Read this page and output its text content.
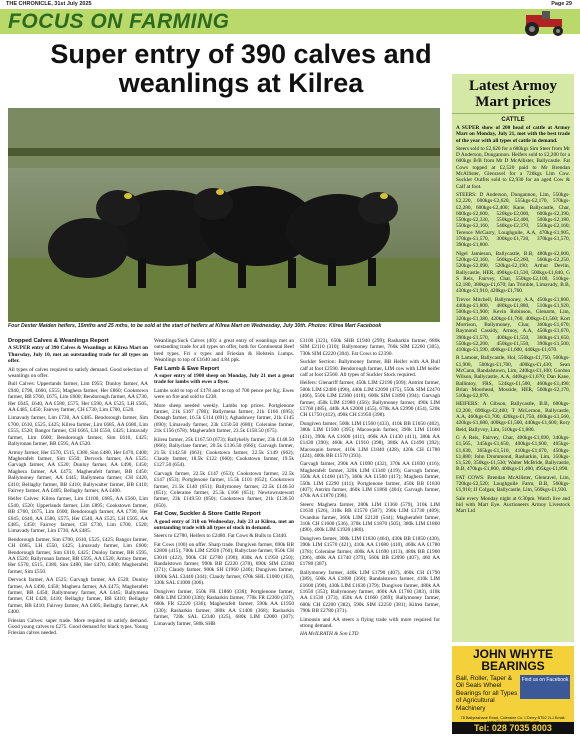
THE CHRONICLE, 31st July 2025	Page 29
FOCUS ON FARMING
Super entry of 390 calves and weanlings at Kilrea
Four Dexter Maiden heifers, 15mths and 25 mths, to be sold at the start of heifers at Kilrea Mart on Wednesday, July 30th. Photos: Kilrea Mart Facebook
Dropped Calves & Weanlings Report

A SUPER entry of 390 Calves & Weanlings at Kilrea Mart on Thursday, July 10, met an outstanding trade for all types on offer.

All types of calves required to satisfy demand. Good selection of weanlings on offer.

Bull Calves: Upperlands farmer, Lim £955; Dunloy farmer, AA £940, £790, £660, £555; Maghera farmer, Her £860; Cookstown farmer, BB £760, £675, Lim £600; Bendorough farmer, AA £730, Her £645, £640, AA £580, £575, Her £590, AA £525, LH £505, AA £485, £450; Fairvey farmer, CH £730, Lim £700, £520.

Limavady farmer, Lim £730, AA £485. Bendorough farmer, Sim £700, £610, £525, £425; Kilrea farmer, Lim £685, AA £680, Lim £555, £520; Bangor farmer, CH £665, LH £550, £425; Limavady farmer, Lim £600; Bendorough farmer, Sim £610, £425; Ballyronan farmer, BB £595, AA £520.

Armoy farmer, Her £570, £515, £380, Sim £480, Her £470, £400; Magherafelt farmer, Sim £550; Dervock farmer, AA £525; Garvagh farmer, AA £520; Dunloy farmer, AA £490, £450; Maghera farmer, AA £475; Magherafelt farmer, BB £450; Ballymoney farmer, AA £445; Ballymena farmer, CH £420, £410; Bellaghy farmer, BB £410; Ballywalter farmer, BB £410; Fairvey farmer, AA £405; Bellaghy farmer, AA £400.

Heifer Calves: Kilrea farmer, Lim £1100, £685, AA £560, Lim £540, £520; Upperlands farmer, Lim £895; Cookstown farmer, BB £760, £675, Lim £600; Bendorough farmer, AA £730, Her £645, £640, AA £580, £575, Her £540, AA £525, LH £505, AA £485, £450; Fairvey farmer, CH £730, Lim £700, £520; Limavady farmer, Lim £730, AA £485.

Bendorough farmer, Sim £700, £610, £525, £425; Bangor farmer, CH £665, LH £550, £425; Limavady farmer, Lim £600; Bendorough farmer, Sim £610, £425; Dunloy farmer, BB £595, AA £520; Ballyronan farmer, BB £595, AA £520; Armoy farmer, Her £570, £515, £380, Sim £480, Her £470, £400; Magherafelt farmer, Sim £550.

Dervock farmer, AA £525; Garvagh farmer, AA £520; Dunloy farmer, AA £490, £450; Maghera farmer, AA £475; Magherafelt farmer, BB £450; Ballymoney farmer, AA £445; Ballymena farmer, CH £420, £410; Bellaghy farmer, BB £410; Bellaghy farmer, BB £410; Fairvey farmer, AA £405; Bellaghy farmer, AA £400.

Friesian Calves: super trade. More required to satisfy demand. Good young calves to £275. Good demand for black types. Young Friesian calves needed.

Weanlings/Suck Calves (40): a great entry of weanlings met an outstanding trade for all types on offer, both for Continental Beef bred types. Fri x types and Friesian & Holstein Lumps. Weanlings to top of £1640 and 4.84 ppk.

Fat Lamb & Ewe Report

A super entry of 1900 sheep on Monday, July 21 met a great trade for lambs with ewes a flyer.

Lambs sold to top of £178 and to top of 700 pence per Kg. Ewes were on fire and sold to £238.

More sheep needed weekly. Lambs top prices. Portglenone farmer, 21k £167 (780); Ballymena farmer, 21k £166 (695); Donagh farmer, 16.5k £114 (691); Aghadowey farmer, 21k £145 (690); Limavady farmer, 23k £150.50 (680); Coleraine farmer, 21k £156 (678); Magherafelt farmer, 23.5k £158.50 (675).

Kilrea farmer, 25k £167.50 (673); Ballykelly farmer, 23k £148.50 (666); Ballyclare farmer, 20.5k £136.50 (666); Garvagh farmer, 21.5k £142.50 (663); Cookstown farmer, 22.5k £149 (662); Claudy farmer, 18.5k £122 (660); Cookstown farmer, 19.5k £127.50 (654).

Garvagh farmer, 22.5k £147 (653); Cookstown farmer, 22.5k £147 (653); Portglenone farmer, 15.5k £101 (652); Cookstown farmer, 21.5k £140 (651); Ballymoney farmer, 22.5k £146.50 (651); Coleraine farmer, 25.5k £166 (651); Newtownstewart farmer, 23k £149.50 (650); Cookstown farmer, 21k £136.50 (650).

Fat Cow, Suckler & Store Cattle Report

A good entry of 310 on Wednesday, July 23 at Kilrea, met an outstanding trade with all types of stock in demand.

Steers to £2780, Heifers to £2480. Fat Cows & Bulls to £3440.

Fat Cows (100) on offer. Sharp trade. Dungiven farmer, 690k BB £2800 (415); 700k LIM £2920 (760); Ballyclare farmer, 950k CH £3010 (422), 900k CH £2780 (390); 830k AA £1950 (250); Randalstown farmer, 990k BB £2220 (378), 690k SIM £2360 (371); Claudy farmer, 900k SH £1960 (246); Dungiven farmer, 1000k SAL £3440 (344); Claudy farmer, 670k SHL £1080 (163), 330k SAL £1000 (306).

Dungiven farmer, 550k FR £1860 (338); Portglenone farmer, 680k LIM £2300 (338); Rasharkin farmer, 770k FR £2360 (337), 660k FR £2220 (336); Magherafelt farmer, 590k AA £1950 (330); Rasharkin farmer, 380k AA £1400 (368); Rasharkin farmer, 720k SAL £2340 (325), 680k LIM £2000 (307); Limavady farmer, 580k SHB

£3100 (323), 650k SHB £1940 (299); Rasharkin farmer, 680k SIM £2110 (310); Ballymoney farmer, 760k SIM £2260 (305), 730k SIM £2220 (304). Fat Cows to £2390.

Suckler Section: Ballymoney farmer, BB Heifer with AA Bull calf at foot £2590. Bendorough farmer, LIM cow with LIM heifer calf at foot £2560. All types of Suckler Stock required.

Heifers: Glenariff farmer, 450k LIM £2190 (509); Antrim farmer, 500k LIM £2480 (496), 440k LIM £2090 (475), 550k SIM £2470 (466), 550k LIM £2300 (418), 600k SIM £1890 (394); Garvagh farmer, 450k LIM £1980 (456); Ballymoney farmer, 490k LIM £1760 (485), 440k AA £2000 (455), 670k AA £2990 (454), 520k CH £1750 (412), 490k CH £1950 (398).

Dungiven farmer, 500k LIM £1560 (433), 410k BB £1650 (402), 380k LIM £1500 (395); Macosquin farmer, 390k LIM £1660 (431), 390k AA £1600 (411), 460k AA £1430 (411), 380k AA £1430 (390); 460k AA £1910 (398), 380k AA £1490 (392); Macosquin farmer, 410k LIM £1840 (428), 420k CH £1780 (424), 400k BB £1570 (393).

Garvagh farmer, 290k AA £1090 (432), 370k AA £1830 (416); Magherafelt farmer, 320k LIM £1340 (419); Garvagh farmer, 350k AA £1460 (417), 360k AA £1500 (417); Maghera farmer, 550k LIM £2290 (411); Portglenone farmer, 450k BB £1830 (407); Antrim farmer, 460k LIM £1860 (404); Garvagh farmer, 470k AA £1870 (398).

Steers: Maghera farmer, 280k LIM £1360 (579), 310k LIM £1630 (526), 310k BB £1570 (507), 290k LIM £1730 (409); Ovanduo farmer, 360k LIM £2120 (544); Magherafelt farmer, 310k CH £1600 (536), 370k LIM £1870 (505), 380k LIM £1860 (490), 400k LIM £1920 (480).

Dungiven farmer, 300k LIM £1830 (464), 430k BB £1850 (430), 390k LIM £1570 (421), 410k AA £1680 (410), 460k AA £1780 (378); Coleraine farmer, 400k AA £1690 (413), 480k BB £1900 (396), 460k AA £1740 (379), 560k BB £2090 (407), 460 AA £1780 (387).

Ballymoney farmer, 440k LIM £1790 (407), 460k CH £1790 (389), 500k AA £1800 (360); Randalstown farmer, 410k LIM £1600 (390), 430k LIM £1630 (379); Dungiven farmer, 480k AA £1650 (353); Ballymoney farmer, 460k AA £1760 (383), 410k AA £1530 (373), 450k AA £1660 (369); Ballymoney farmer, 600k CH £2200 (382), 590k SIM £2250 (381); Kilrea farmer, 790k BB £2780 (371).

Limousin and AA steers a flying trade with more required for strong demand.

HA McILRATH & Son LTD

Latest Armoy Mart prices
CATTLE

A SUPER show of 200 head of cattle at Armoy Mart on Monday, July 21, met with the best trade of the year with all types of cattle in demand.

Steers sold to £2,620 for a 680kgs Sim Steer from Mr D Anderson, Dungannon. Heifers sold to £2,200 for a 600kgs B/B from Mr D McAllister, Ballycastle. Fat Cows topped at £2,520 paid to Mr Brendan McAllister, Glenravel for a 720kgs Lim Cow. Suckler Outfits sold to £2,930 for an aged Cow & Calf at foot.

STEERS: D Anderson, Dungannon, Lim, 550kgs-£2,220, 600kgs-£2,620, 555kgs-£2,170, 570kgs-£2,280, 600kgs-£2,400; Kane, Ballycastle, Char, 600kgs-£2,600, 520kgs-£2,000, 600kgs-£2,390, 550kgs-£2,330, 550kgs-£2,400, 500kgs-£2,180, 550kgs-£2,160, 540kgs-£2,370, 550kgs-£2,160; Terence McGarry, Loughguile, A.A, 470kg-£1,905, 370kgs-£1,570, 300kgs-£1,720, 370kgs-£1,570, 390kgs-£1,800.

Nigel Jamieson, Ballycastle, B.B, 480kgs-£2,000, 520kgs-£2,160, 560kgs-£2,260, 560kgs-£2,250, 520kgs-£2,090, 520kgs-£2,190; Arthur Devlin, Ballycastle, HER, 490kgs-£1,530, 500kgs-£1,840, G S Reis, Fairvey, Char, 550kgs-£2,100, 510kgs-£2,180, 380kgs-£1,670; Ian Trimble, Limavady, B.B, 430kgs-£1,910, 420kgs-£1,760.

Trevor Mitchell, Ballymoney, A.A, 450kgs-£1,800, 440kgs-£1,800, 480kgs-£1,880, 510kgs-£1,920, 500kgs-£1,900; Kevin Robinson, Glenarm, Lim, 320kgs-£1,380, 420kgs-£1,760, 400kgs-£1,560; Kort Morrison, Ballymoney, Char, 360kgs-£1,670; Raymond Cassidy, Armoy, A.A, 450kgs-£1,670, 390kgs-£1,570, 400kgs-£1,550, 360kgs-£1,650, 550kgs-£2,200, 450kgs-£1,550, 390kgs-£1,500, 410kgs-£1,590, 400kgs-£1,600, 440kgs-£1,670.

R Lamont, Ballycastle, Hol, 550kgs-£1,750, 500kgs-£1,900, 500kgs-£1,700, 400kgs-£1,430; Sean McCann, Randalstown, Lim, 240kgs-£1,100; Gordon Wilson, Ballycastle, A.A, 440kgs-£1,670; Dan Kane, Ballintoy, FRS, 524kgs-£1,500, 460kgs-£1,490; Brian Moorhead, Mosside, HER, 560kgs-£2,170, 510kgs-£2,070.

HEIFERS: A Gibson, Ballycastle, B.B, 600kgs-£2,200, 690kgs-£2,400; T McLernon, Ballycastle, A.A, 460kgs-£1,700, 420kgs-£1,750, 460kgs-£1,560, 420kgs-£1,680, 400kgs-£1,500, 440kgs-£1,600; Rory Reid, Ballyvoy, Lim, 510kgs-£1,880.

G A Reis, Fairvey, Char, 400kgs-£1,690, 340kgs-£1,565, 345kgs-£1,650, 400kgs-£1,600, 405kgs-£1,630, 365kgs-£1,510, 410kgs-£1,670, 450kgs-£1,880; John Drummond, Rasharkin, Lim, 350kgs-£1,520, 350kgs-£1,530; Walter McBride, Ballycastle, B.B, 470kgs-£1,800, 400kgs-£1,400, 495kgs-£1,890.

FAT COWS: Brendan McAllister, Glenravel, Lim, 720kgs-£2,520; Loughguile Farm, B.B, 560kgs-£1,910; JJ Colgan, Ballycastle, Lim, 560kgs-£1,930.

Sale every Monday night at 6:30pm. Watch live and bid with Mart Eye. Auctioneers Armoy Livestock Mart Ltd

JOHN WHYTE BEARINGS
Ball, Roller, Taper & Oil Seals Wheel Bearings for all Types of Agricultural Machinery
Find us on Facebook
78 Ballyrashane Road, Coleraine Co. L'Derry BT52 2LJ Email:
Tel: 028 7035 8003
